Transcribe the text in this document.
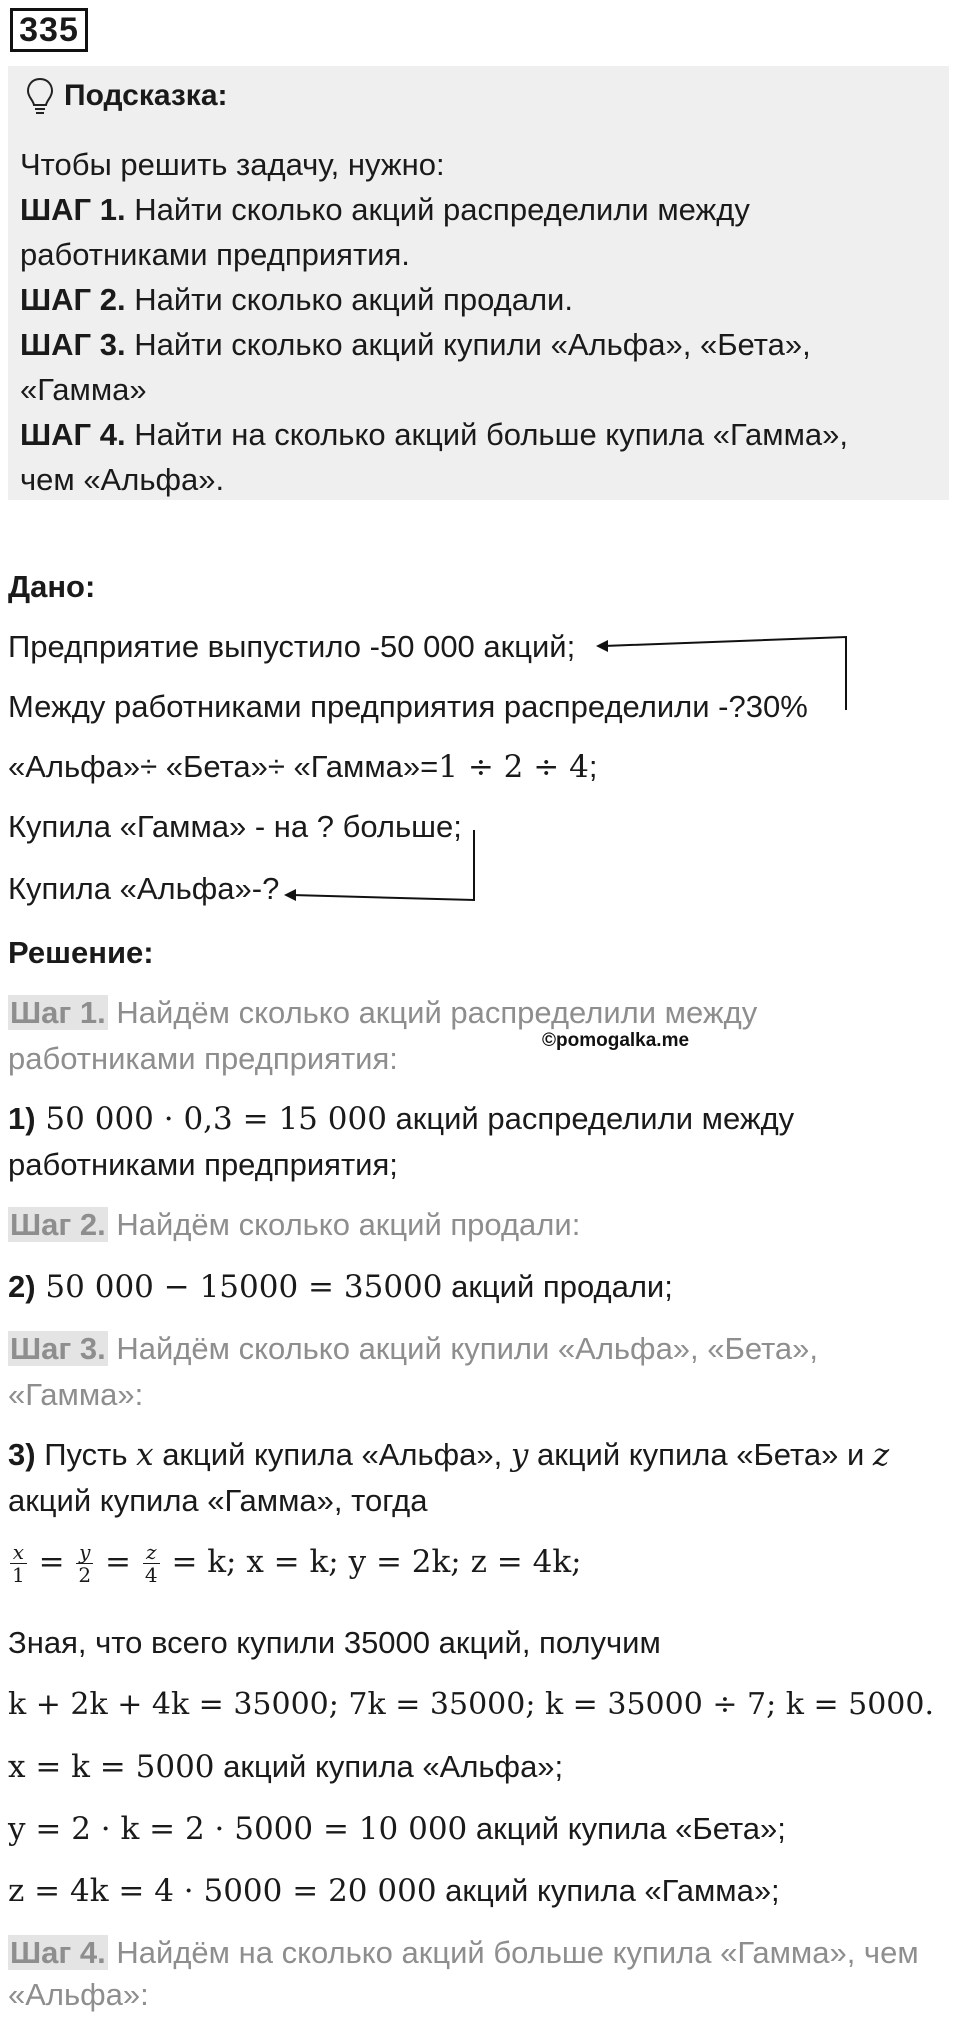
335
Подсказка:
Чтобы решить задачу, нужно:
ШАГ 1. Найти сколько акций распределили между
работниками предприятия.
ШАГ 2. Найти сколько акций продали.
ШАГ 3. Найти сколько акций купили «Альфа», «Бета»,
«Гамма»
ШАГ 4. Найти на сколько акций больше купила «Гамма»,
чем «Альфа».
Дано:
Предприятие выпустило -50 000 акций;
Между работниками предприятия распределили -?30%
«Альфа»÷ «Бета»÷ «Гамма»=1 ÷ 2 ÷ 4;
Купила «Гамма» - на ? больше;
Купила «Альфа»-?
Решение:
Шаг 1. Найдём сколько акций распределили между
работниками предприятия:
©pomogalka.me
1) 50 000 · 0,3 = 15 000 акций распределили между
работниками предприятия;
Шаг 2. Найдём сколько акций продали:
2) 50 000 − 15000 = 35000 акций продали;
Шаг 3. Найдём сколько акций купили «Альфа», «Бета»,
«Гамма»:
3) Пусть x акций купила «Альфа», y акций купила «Бета» и z
акций купила «Гамма», тогда
$\frac{x}{1} = \frac{y}{2} = \frac{z}{4} = k$; x = k; y = 2k; z = 4k;
Зная, что всего купили 35000 акций, получим
k + 2k + 4k = 35000; 7k = 35000; k = 35000 ÷ 7; k = 5000.
x = k = 5000 акций купила «Альфа»;
y = 2 · k = 2 · 5000 = 10 000 акций купила «Бета»;
z = 4k = 4 · 5000 = 20 000 акций купила «Гамма»;
Шаг 4. Найдём на сколько акций больше купила «Гамма», чем
«Альфа»:
